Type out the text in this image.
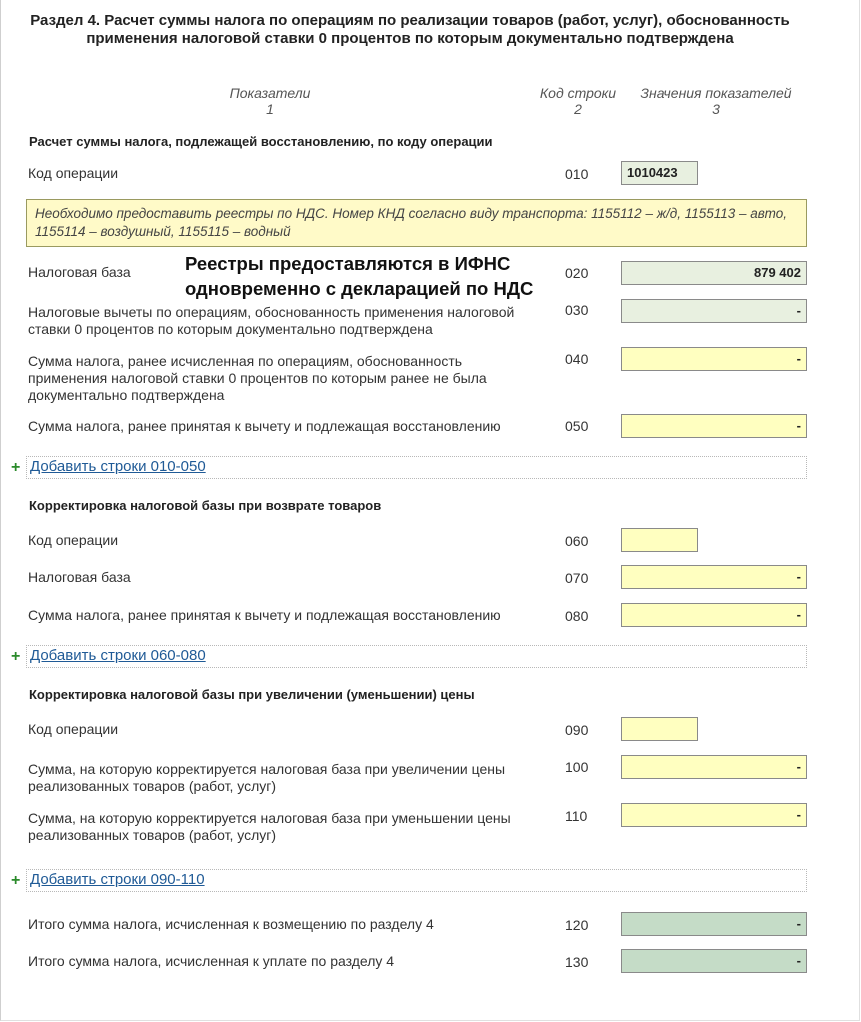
Раздел 4. Расчет суммы налога по операциям по реализации товаров (работ, услуг), обоснованность применения налоговой ставки 0 процентов по которым документально подтверждена
Показатели
1
Код строки
2
Значения показателей
3
Расчет суммы налога, подлежащей восстановлению, по коду операции
Код операции	010	1010423
Необходимо предоставить реестры по НДС. Номер КНД согласно виду транспорта: 1155112 – ж/д, 1155113 – авто, 1155114 – воздушный, 1155115 – водный
Налоговая база	020	879 402
Реестры предоставляются в ИФНС
одновременно с декларацией по НДС
Налоговые вычеты по операциям, обоснованность применения налоговой ставки 0 процентов по которым документально подтверждена
030	-
Сумма налога, ранее исчисленная по операциям, обоснованность применения налоговой ставки 0 процентов по которым ранее не была документально подтверждена
040	-
Сумма налога, ранее принятая к вычету и подлежащая восстановлению	050	-
+ Добавить строки 010-050
Корректировка налоговой базы при возврате товаров
Код операции	060
Налоговая база	070	-
Сумма налога, ранее принятая к вычету и подлежащая восстановлению	080	-
+ Добавить строки 060-080
Корректировка налоговой базы при увеличении (уменьшении) цены
Код операции	090
Сумма, на которую корректируется налоговая база при увеличении цены реализованных товаров (работ, услуг)
100	-
Сумма, на которую корректируется налоговая база при уменьшении цены реализованных товаров (работ, услуг)
110	-
+ Добавить строки 090-110
Итого сумма налога, исчисленная к возмещению по разделу 4	120	-
Итого сумма налога, исчисленная к уплате по разделу 4	130	-
